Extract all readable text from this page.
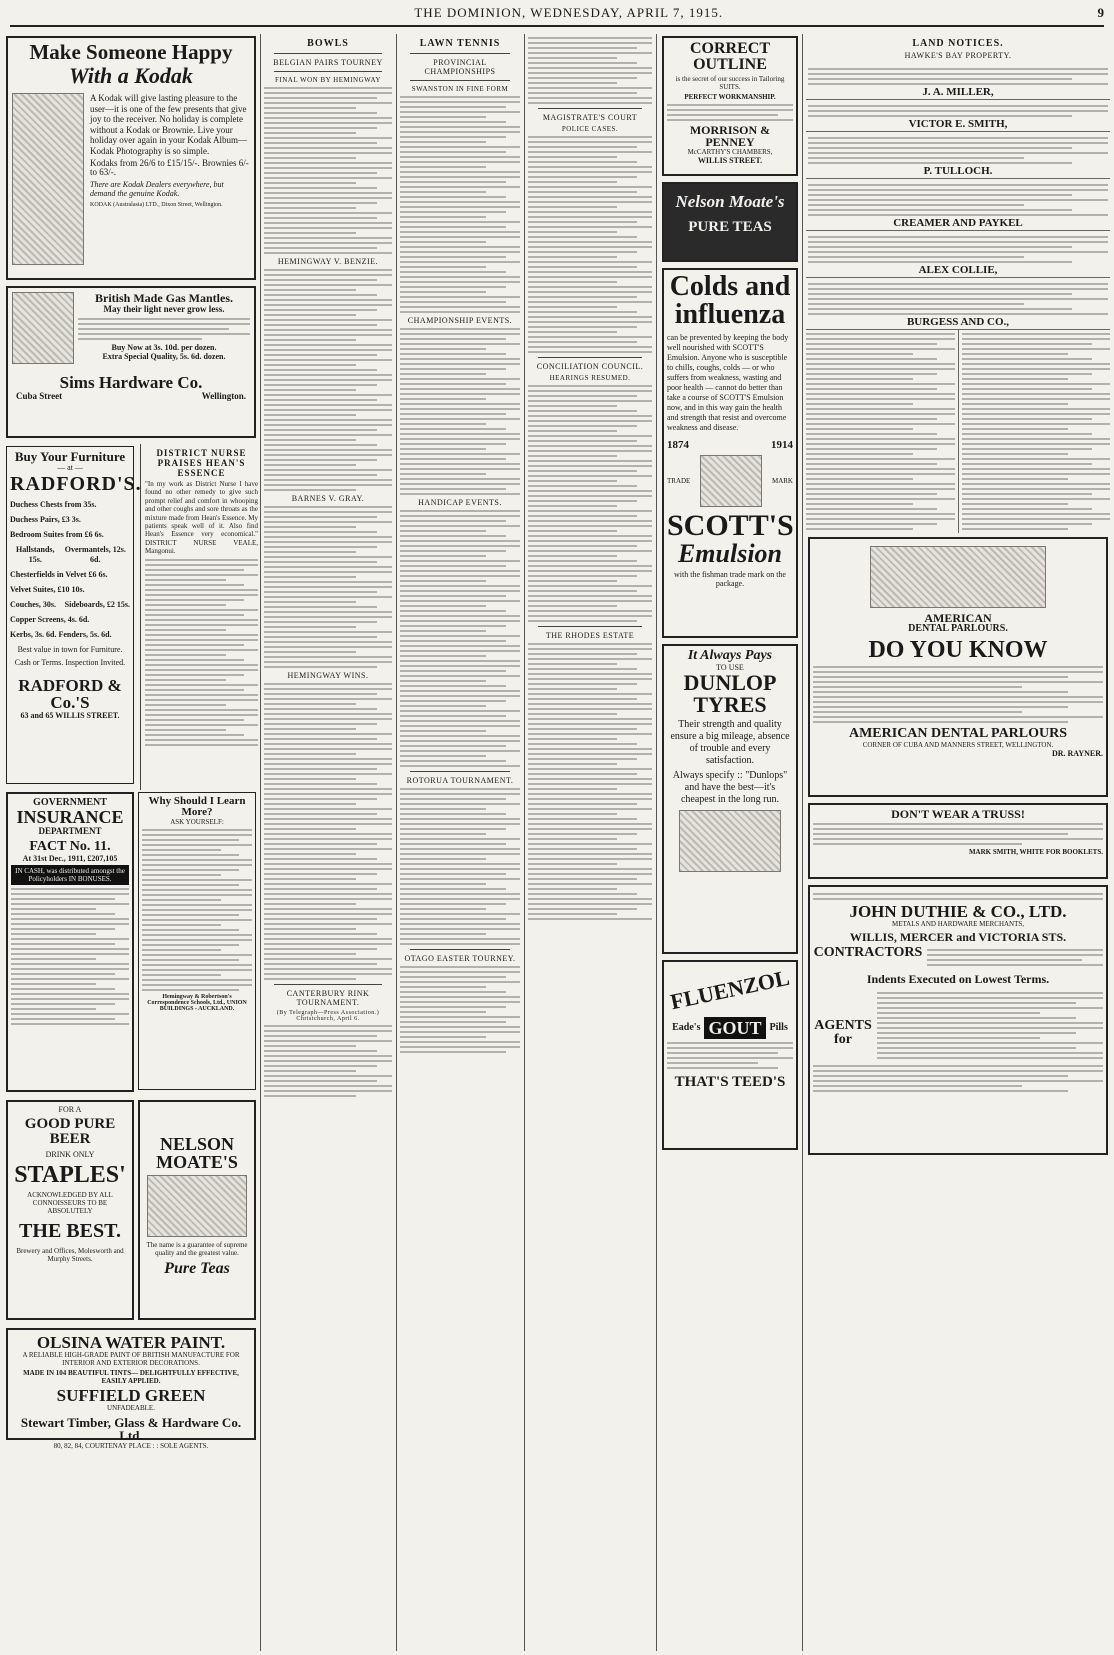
THE DOMINION, WEDNESDAY, APRIL 7, 1915.	9
Make Someone Happy
With a Kodak
A Kodak will give lasting pleasure to the user—it is one of the few presents that give joy to the receiver. No holiday is complete without a Kodak or Brownie. Live your holiday over again in your Kodak Album—Kodak Photography is so simple.
Kodaks from 26/6 to £15/15/-. Brownies 6/- to 63/-.
There are Kodak Dealers everywhere, but demand the genuine Kodak.
KODAK (Australasia) LTD., Dixon Street, Wellington.
British Made Gas Mantles.
May their light never grow less.
Buy Now at 3s. 10d. per dozen.
Extra Special Quality, 5s. 6d. dozen.
Sims Hardware Co.
Cuba Street	Wellington.
Buy Your Furniture
— at —
RADFORD'S.
Duchess Chests from 35s.
Duchess Pairs, £3 3s.
Bedroom Suites from £6 6s.
Hallstands, 15s.
Overmantels, 12s. 6d.
Chesterfields in Velvet £6 6s.
Velvet Suites, £10 10s.
Couches, 30s. Sideboards, £2 15s.
Copper Screens, 4s. 6d.
Kerbs, 3s. 6d. Fenders, 5s. 6d.
Best value in town for Furniture.
Cash or Terms. Inspection Invited.
RADFORD & Co.'S
63 and 65 WILLIS STREET.
DISTRICT NURSE PRAISES HEAN'S ESSENCE
"In my work as District Nurse I have found no other remedy to give such prompt relief and comfort in whooping and other coughs and sore throats as the mixture made from Hean's Essence. My patients speak well of it. Also find Hean's Essence very economical." DISTRICT NURSE VEALE, Mangonui.
GOVERNMENT
INSURANCE
DEPARTMENT
FACT No. 11.
At 31st Dec., 1911, £207,105
IN CASH, was distributed amongst the Policyholders IN BONUSES.
Why Should I Learn More?
ASK YOURSELF:
Hemingway & Robertson's Correspondence Schools, Ltd., UNION BUILDINGS - AUCKLAND.
FOR A
GOOD PURE BEER
DRINK ONLY
STAPLES'
ACKNOWLEDGED BY ALL CONNOISSEURS TO BE ABSOLUTELY
THE BEST.
Brewery and Offices, Molesworth and Murphy Streets.
NELSON MOATE'S
The name is a guarantee of supreme quality and the greatest value.
Pure Teas
OLSINA WATER PAINT.
A RELIABLE HIGH-GRADE PAINT OF BRITISH MANUFACTURE FOR INTERIOR AND EXTERIOR DECORATIONS.
MADE IN 104 BEAUTIFUL TINTS— DELIGHTFULLY EFFECTIVE, EASILY APPLIED.
SUFFIELD GREEN
UNFADEABLE.
Stewart Timber, Glass & Hardware Co. Ltd.
80, 82, 84, COURTENAY PLACE : : SOLE AGENTS.
BOWLS
BELGIAN PAIRS TOURNEY
FINAL WON BY HEMINGWAY
HEMINGWAY V. BENZIE.
BARNES V. GRAY.
HEMINGWAY WINS.
CANTERBURY RINK TOURNAMENT.
(By Telegraph—Press Association.) Christchurch, April 6.
LAWN TENNIS
PROVINCIAL CHAMPIONSHIPS
SWANSTON IN FINE FORM
CHAMPIONSHIP EVENTS.
HANDICAP EVENTS.
ROTORUA TOURNAMENT.
OTAGO EASTER TOURNEY.
MAGISTRATE'S COURT
POLICE CASES.
CONCILIATION COUNCIL.
HEARINGS RESUMED.
THE RHODES ESTATE
CORRECT
OUTLINE
is the secret of our success in Tailoring SUITS.
PERFECT WORKMANSHIP.
MORRISON & PENNEY
McCARTHY'S CHAMBERS,
WILLIS STREET.
Nelson Moate's
PURE TEAS
Colds and
influenza
can be prevented by keeping the body well nourished with SCOTT'S Emulsion. Anyone who is susceptible to chills, coughs, colds — or who suffers from weakness, wasting and poor health — cannot do better than take a course of SCOTT'S Emulsion now, and in this way gain the health and strength that resist and overcome weakness and disease.
1874	1914
TRADE	MARK
SCOTT'S
Emulsion
with the fishman trade mark on the package.
It Always Pays
TO USE
DUNLOP
TYRES
Their strength and quality ensure a big mileage, absence of trouble and every satisfaction.
Always specify :: "Dunlops" and have the best—it's cheapest in the long run.
FLUENZOL
Eade's GOUT Pills
THAT'S TEED'S
LAND NOTICES.
HAWKE'S BAY PROPERTY.
J. A. MILLER,
VICTOR E. SMITH,
P. TULLOCH.
CREAMER AND PAYKEL
ALEX COLLIE,
BURGESS AND CO.,
AMERICAN
DENTAL PARLOURS.
DO YOU KNOW
AMERICAN DENTAL PARLOURS
CORNER OF CUBA AND MANNERS STREET, WELLINGTON.
DR. RAYNER.
DON'T WEAR A TRUSS!
MARK SMITH, WHITE FOR BOOKLETS.
JOHN DUTHIE & CO., LTD.
METALS AND HARDWARE MERCHANTS,
WILLIS, MERCER and VICTORIA STS.
CONTRACTORS
Indents Executed on Lowest Terms.
AGENTS for
